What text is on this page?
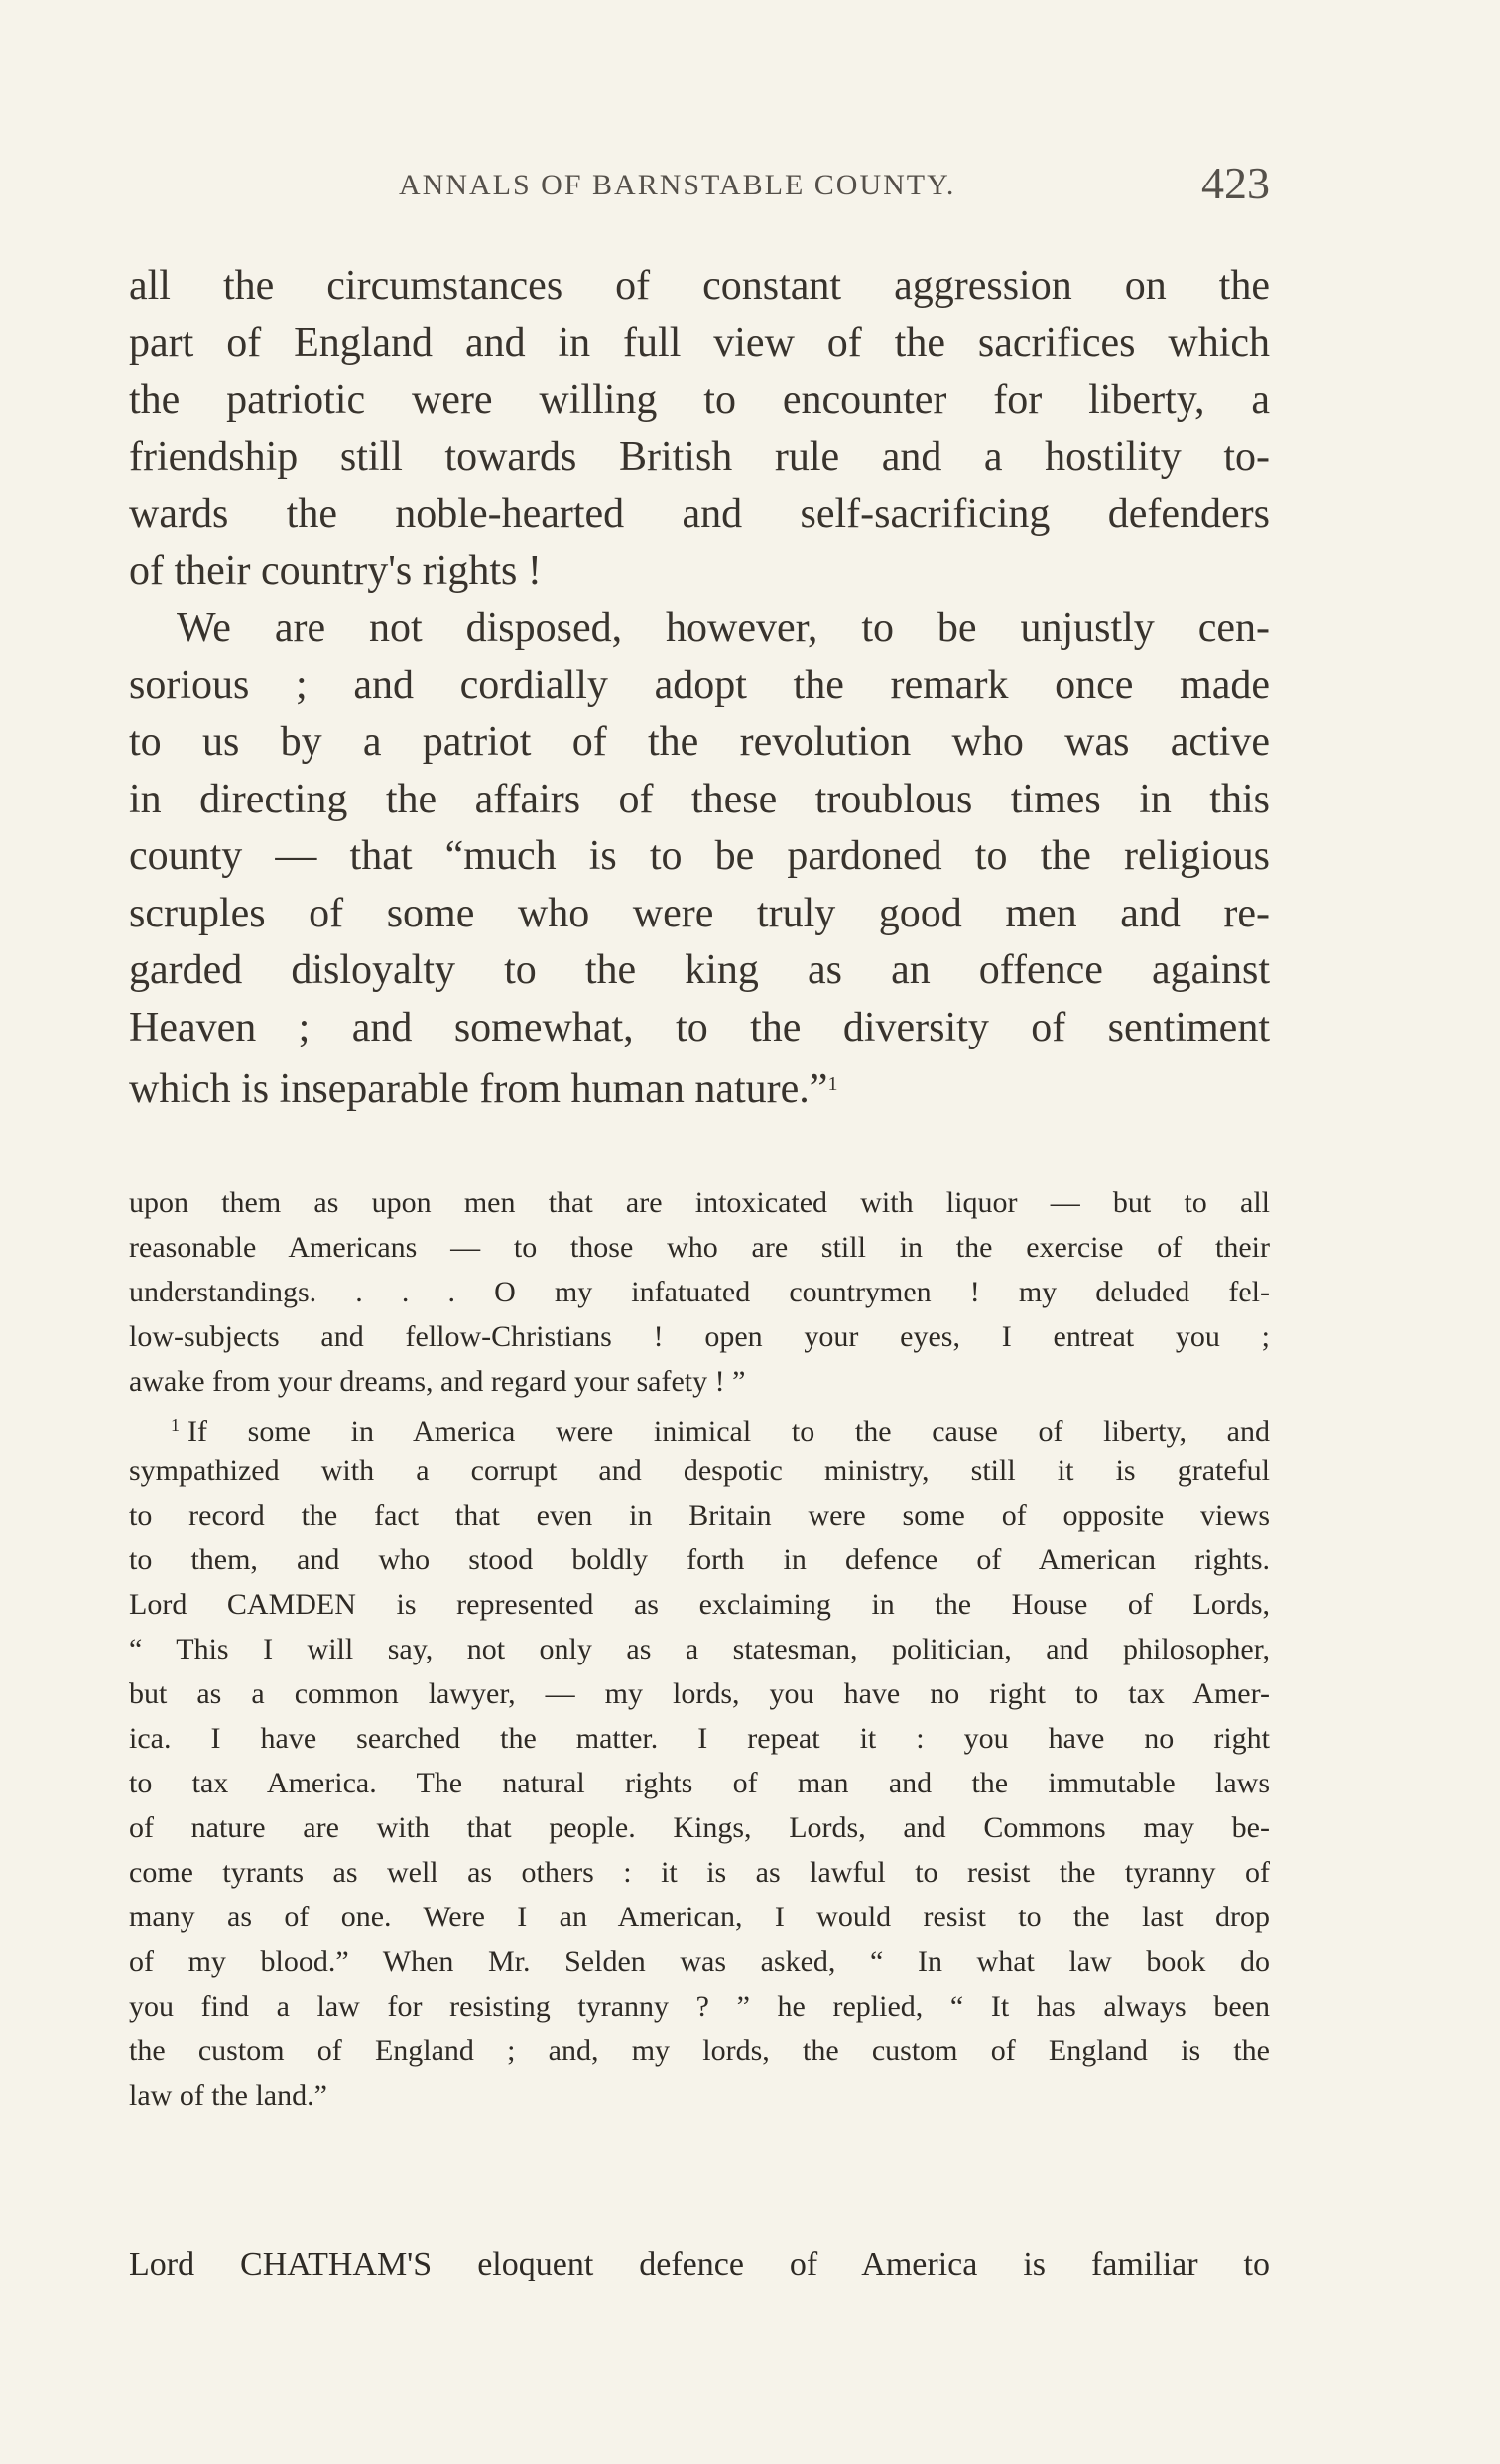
ANNALS OF BARNSTABLE COUNTY.	423
all the circumstances of constant aggression on the
part of England and in full view of the sacrifices which
the patriotic were willing to encounter for liberty, a
friendship still towards British rule and a hostility to-
wards the noble-hearted and self-sacrificing defenders
of their country's rights !
We are not disposed, however, to be unjustly cen-
sorious ; and cordially adopt the remark once made
to us by a patriot of the revolution who was active
in directing the affairs of these troublous times in this
county — that “much is to be pardoned to the religious
scruples of some who were truly good men and re-
garded disloyalty to the king as an offence against
Heaven ; and somewhat, to the diversity of sentiment
which is inseparable from human nature.”$^1$
upon them as upon men that are intoxicated with liquor — but to all
reasonable Americans — to those who are still in the exercise of their
understandings. . . . O my infatuated countrymen ! my deluded fel-
low-subjects and fellow-Christians ! open your eyes, I entreat you ;
awake from your dreams, and regard your safety ! ”
$^1$ If some in America were inimical to the cause of liberty, and
sympathized with a corrupt and despotic ministry, still it is grateful
to record the fact that even in Britain were some of opposite views
to them, and who stood boldly forth in defence of American rights.
Lord CAMDEN is represented as exclaiming in the House of Lords,
“ This I will say, not only as a statesman, politician, and philosopher,
but as a common lawyer, — my lords, you have no right to tax Amer-
ica. I have searched the matter. I repeat it : you have no right
to tax America. The natural rights of man and the immutable laws
of nature are with that people. Kings, Lords, and Commons may be-
come tyrants as well as others : it is as lawful to resist the tyranny of
many as of one. Were I an American, I would resist to the last drop
of my blood.” When Mr. Selden was asked, “ In what law book do
you find a law for resisting tyranny ? ” he replied, “ It has always been
the custom of England ; and, my lords, the custom of England is the
law of the land.”
Lord CHATHAM'S eloquent defence of America is familiar to
